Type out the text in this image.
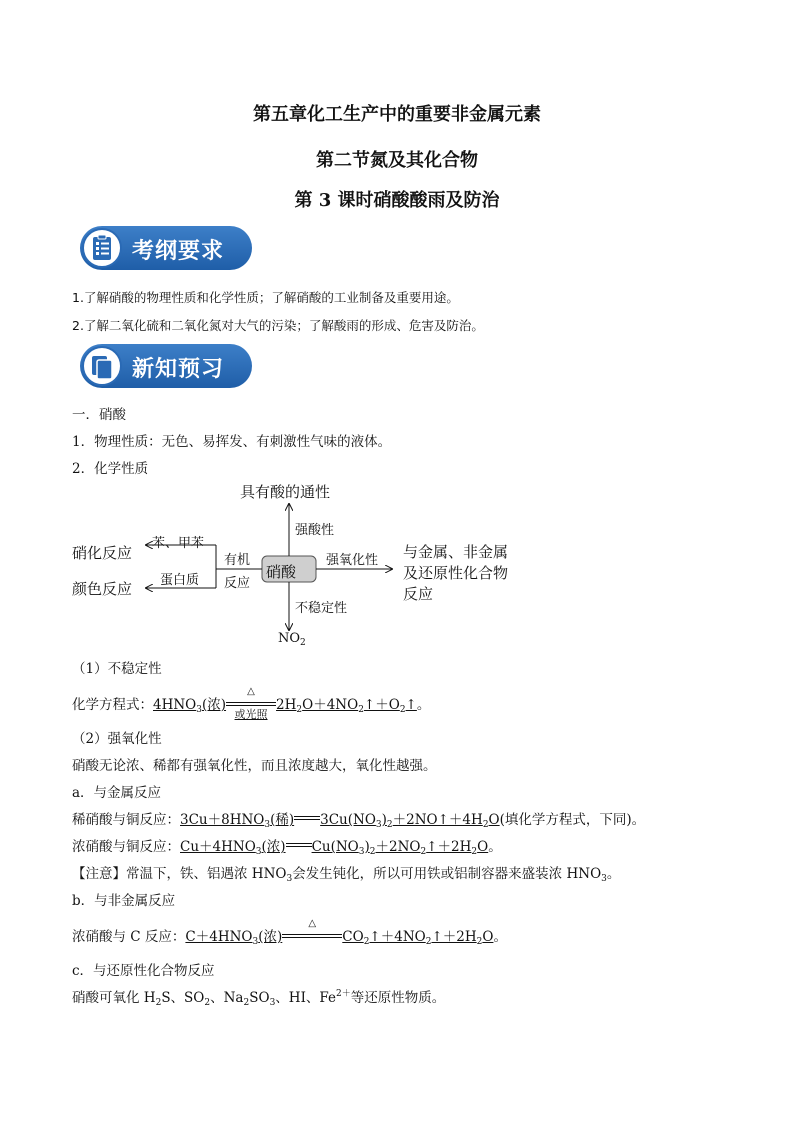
第五章化工生产中的重要非金属元素
第二节氮及其化合物
第 3 课时硝酸酸雨及防治
考纲要求
1.了解硝酸的物理性质和化学性质；了解硝酸的工业制备及重要用途。
2.了解二氧化硫和二氧化氮对大气的污染；了解酸雨的形成、危害及防治。
新知预习
一．硝酸
1．物理性质：无色、易挥发、有刺激性气味的液体。
2．化学性质
硝酸
具有酸的通性
强酸性
强氧化性 与金属、非金属
及还原性化合物
反应
不稳定性
$NO_2$
有机
反应
苯、甲苯
蛋白质
硝化反应
颜色反应
（1）不稳定性
化学方程式：$4HNO_3$(浓)
△
或光照
$2H_2O+4NO_2↑+O_2↑$。
（2）强氧化性
硝酸无论浓、稀都有强氧化性，而且浓度越大，氧化性越强。
a．与金属反应
稀硝酸与铜反应：$3Cu+8HNO_3$(稀) $3Cu(NO_3)_2+2NO↑+4H_2O$(填化学方程式，下同)。
浓硝酸与铜反应：$Cu+4HNO_3$(浓) $Cu(NO_3)_2+2NO_2↑+2H_2O$。
【注意】常温下，铁、铝遇浓 $HNO_3$会发生钝化，所以可用铁或铝制容器来盛装浓 $HNO_3$。
b．与非金属反应
浓硝酸与 C 反应：$C+4HNO_3$(浓)
△
$CO_2↑+4NO_2↑+2H_2O$。
c．与还原性化合物反应
硝酸可氧化 $H_2S$、$SO_2$、$Na_2SO_3$、HI、$Fe^{2+}$等还原性物质。
